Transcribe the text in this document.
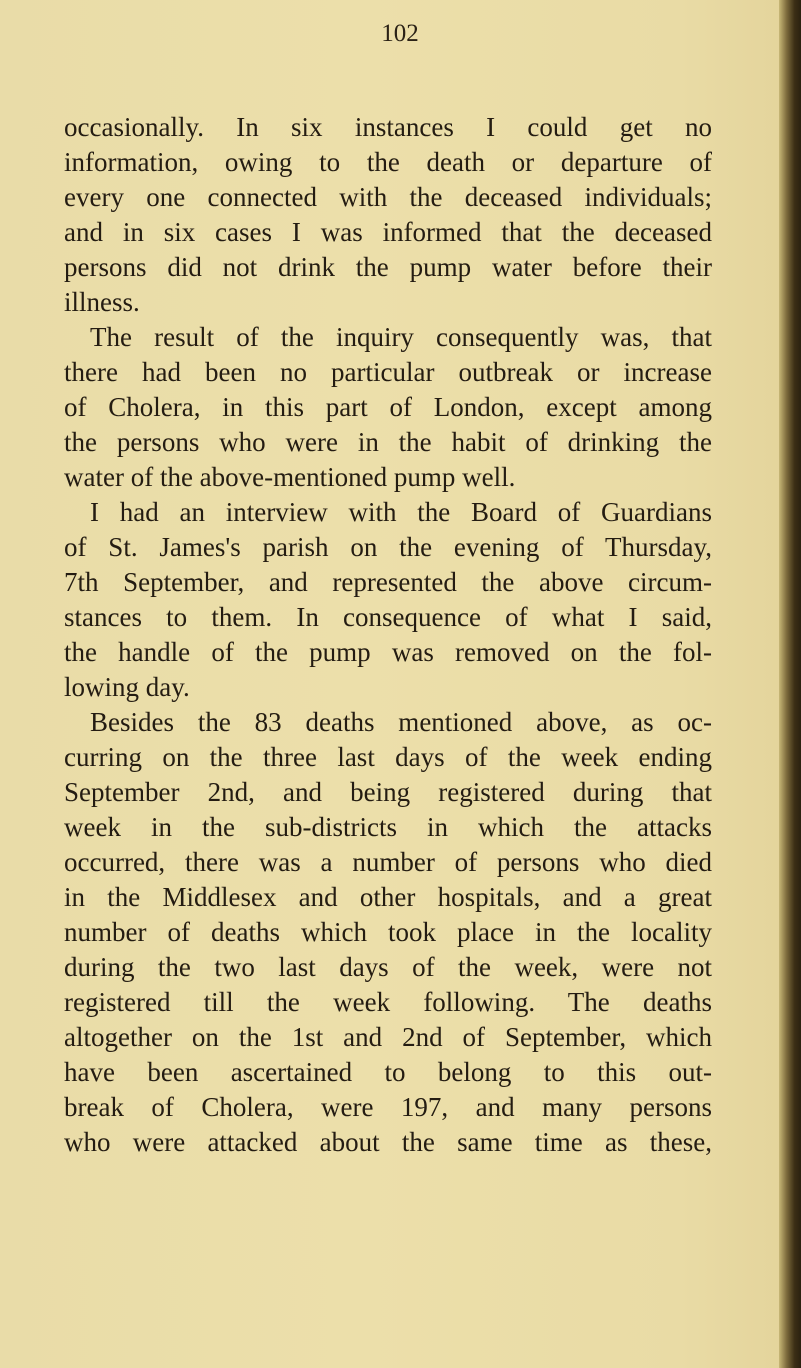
102
occasionally. In six instances I could get no
information, owing to the death or departure of
every one connected with the deceased individuals;
and in six cases I was informed that the deceased
persons did not drink the pump water before their
illness.
The result of the inquiry consequently was, that
there had been no particular outbreak or increase
of Cholera, in this part of London, except among
the persons who were in the habit of drinking the
water of the above-mentioned pump well.
I had an interview with the Board of Guardians
of St. James's parish on the evening of Thursday,
7th September, and represented the above circum-
stances to them. In consequence of what I said,
the handle of the pump was removed on the fol-
lowing day.
Besides the 83 deaths mentioned above, as oc-
curring on the three last days of the week ending
September 2nd, and being registered during that
week in the sub-districts in which the attacks
occurred, there was a number of persons who died
in the Middlesex and other hospitals, and a great
number of deaths which took place in the locality
during the two last days of the week, were not
registered till the week following. The deaths
altogether on the 1st and 2nd of September, which
have been ascertained to belong to this out-
break of Cholera, were 197, and many persons
who were attacked about the same time as these,
